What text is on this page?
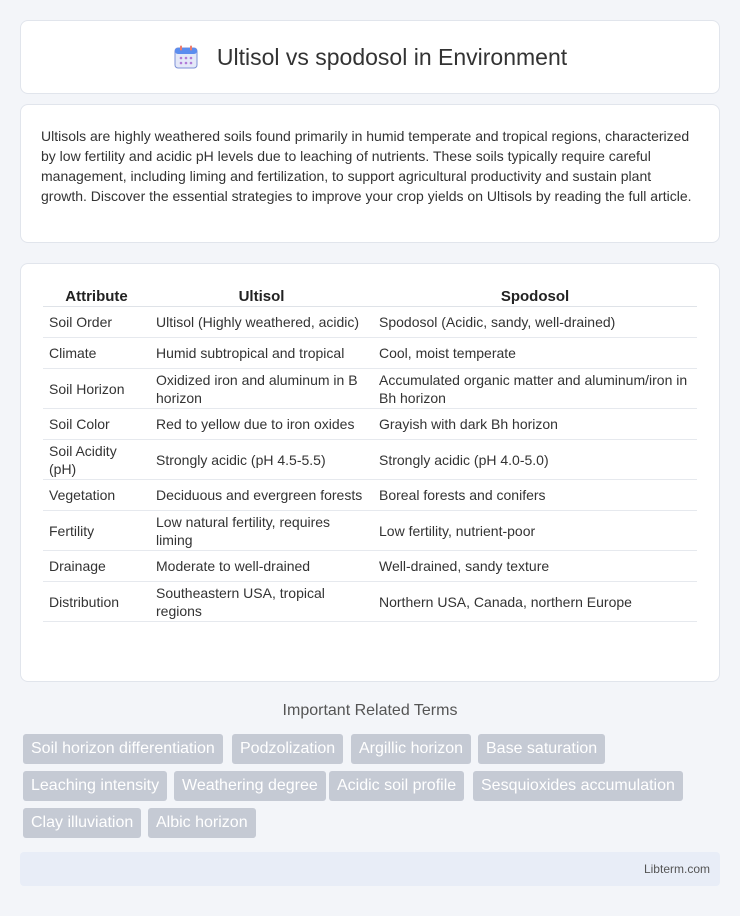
Ultisol vs spodosol in Environment

Ultisols are highly weathered soils found primarily in humid temperate and tropical regions, characterized by low fertility and acidic pH levels due to leaching of nutrients. These soils typically require careful management, including liming and fertilization, to support agricultural productivity and sustain plant growth. Discover the essential strategies to improve your crop yields on Ultisols by reading the full article.

Attribute	Ultisol	Spodosol
Soil Order	Ultisol (Highly weathered, acidic)	Spodosol (Acidic, sandy, well-drained)
Climate	Humid subtropical and tropical	Cool, moist temperate
Soil Horizon	Oxidized iron and aluminum in B horizon	Accumulated organic matter and aluminum/iron in Bh horizon
Soil Color	Red to yellow due to iron oxides	Grayish with dark Bh horizon
Soil Acidity (pH)	Strongly acidic (pH 4.5-5.5)	Strongly acidic (pH 4.0-5.0)
Vegetation	Deciduous and evergreen forests	Boreal forests and conifers
Fertility	Low natural fertility, requires liming	Low fertility, nutrient-poor
Drainage	Moderate to well-drained	Well-drained, sandy texture
Distribution	Southeastern USA, tropical regions	Northern USA, Canada, northern Europe
Important Related Terms
Soil horizon differentiation	Podzolization	Argillic horizon	Base saturation
Leaching intensity	Weathering degree	Acidic soil profile	Sesquioxides accumulation
Clay illuviation	Albic horizon
Libterm.com
